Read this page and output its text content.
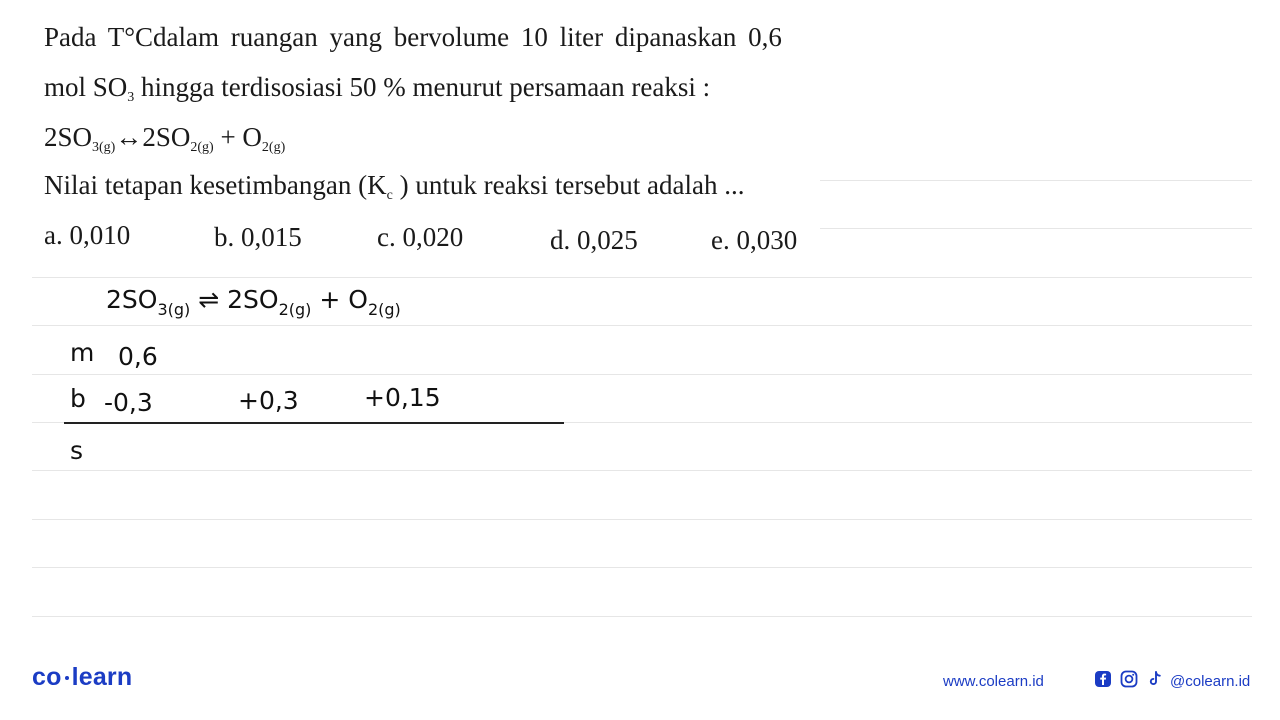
Pada T°Cdalam ruangan yang bervolume 10 liter dipanaskan 0,6
mol $SO_3$ hingga terdisosiasi 50 % menurut persamaan reaksi :
$2SO_{3(g)}\leftrightarrow 2SO_{2(g)} + O_{2(g)}$
Nilai tetapan kesetimbangan ($K_c$ ) untuk reaksi tersebut adalah ...
a. 0,010	b. 0,015	c. 0,020	d. 0,025	e. 0,030
$2SO_{3(g)}$ ⇌ $2SO_{2(g)} + O_{2(g)}$
m 0,6
b -0,3	+0,3	+0,15
s
co learn	www.colearn.id	@colearn.id
